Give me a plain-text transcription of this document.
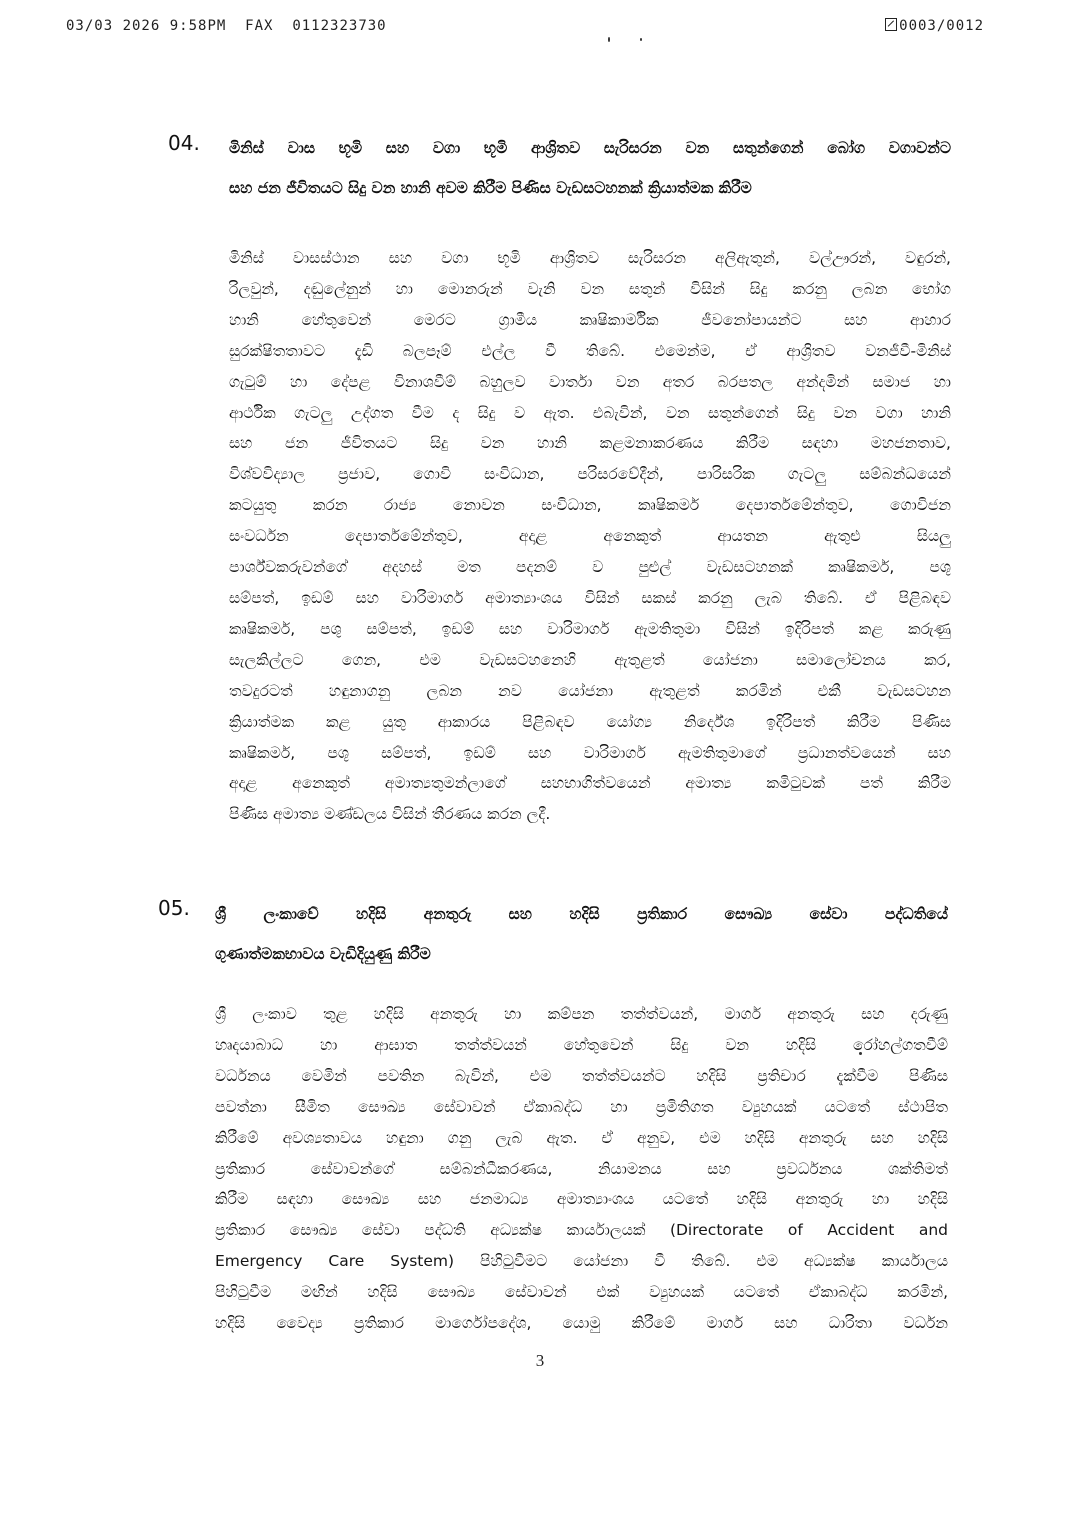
03/03 2026 9:58PM FAX 0112323730	0003/0012
04. මිනිස් වාස භූමි සහ වගා භූමි ආශ්‍රිතව සැරිසරන වන සතුන්ගෙන් බෝග වගාවන්ට
සහ ජන ජීවිතයට සිදු වන හානි අවම කිරීම පිණිස වැඩසටහනක් ක්‍රියාත්මක කිරීම
මිනිස් වාසස්ථාන සහ වගා භූමි ආශ්‍රිතව සැරිසරන අලිඇතුන්, වල්ඌරන්, වඳුරන්,
රිලවුන්, දඬුලේනුන් හා මොනරුන් වැනි වන සතුන් විසින් සිදු කරනු ලබන භෝග
හානි හේතුවෙන් මෙරට ග්‍රාමීය කෘෂිකාර්මික ජීවනෝපායන්ට සහ ආහාර
සුරක්ෂිතතාවට දැඩි බලපෑම් එල්ල වී තිබේ. එමෙන්ම, ඒ ආශ්‍රිතව වනජීවී-මිනිස්
ගැටුම් හා දේපළ විනාශවීම් බහුලව වාර්තා වන අතර බරපතල අන්දමින් සමාජ හා
ආර්ථික ගැටලු උද්ගත වීම ද සිදු ව ඇත. එබැවින්, වන සතුන්ගෙන් සිදු වන වගා හානි
සහ ජන ජීවිතයට සිදු වන හානි කළමනාකරණය කිරීම සඳහා මහජනතාව,
විශ්වවිද්‍යාල ප්‍රජාව, ගොවි සංවිධාන, පරිසරවේදීන්, පාරිසරික ගැටලු සම්බන්ධයෙන්
කටයුතු කරන රාජ්‍ය නොවන සංවිධාන, කෘෂිකර්ම දෙපාර්තමේන්තුව, ගොවිජන
සංවර්ධන දෙපාර්තමේන්තුව, අදාළ අනෙකුත් ආයතන ඇතුළු සියලු
පාර්ශ්වකරුවන්ගේ අදහස් මත පදනම් ව පුළුල් වැඩසටහනක් කෘෂිකර්ම, පශු
සම්පත්, ඉඩම් සහ වාරිමාර්ග අමාත්‍යාංශය විසින් සකස් කරනු ලැබ තිබේ. ඒ පිළිබඳව
කෘෂිකර්ම, පශු සම්පත්, ඉඩම් සහ වාරිමාර්ග ඇමතිතුමා විසින් ඉදිරිපත් කළ කරුණු
සැලකිල්ලට ගෙන, එම වැඩසටහනෙහි ඇතුළත් යෝජනා සමාලෝචනය කර,
තවදුරටත් හඳුනාගනු ලබන නව යෝජනා ඇතුළත් කරමින් එකී වැඩසටහන
ක්‍රියාත්මක කළ යුතු ආකාරය පිළිබඳව යෝග්‍ය නිර්දේශ ඉදිරිපත් කිරීම පිණිස
කෘෂිකර්ම, පශු සම්පත්, ඉඩම් සහ වාරිමාර්ග ඇමතිතුමාගේ ප්‍රධානත්වයෙන් සහ
අදාළ අනෙකුත් අමාත්‍යතුමන්ලාගේ සහභාගිත්වයෙන් අමාත්‍ය කමිටුවක් පත් කිරීම
පිණිස අමාත්‍ය මණ්ඩලය විසින් තීරණය කරන ලදී.
05. ශ්‍රී ලංකාවේ හදිසි අනතුරු සහ හදිසි ප්‍රතිකාර සෞඛ්‍ය සේවා පද්ධතියේ
ගුණාත්මකභාවය වැඩිදියුණු කිරීම
ශ්‍රී ලංකාව තුළ හදිසි අනතුරු හා කම්පන තත්ත්වයන්, මාර්ග අනතුරු සහ දරුණු
හෘදයාබාධ හා ආඝාත තත්ත්වයන් හේතුවෙන් සිදු වන හදිසි රෝහල්ගතවීම්
වර්ධනය වෙමින් පවතින බැවින්, එම තත්ත්වයන්ට හදිසි ප්‍රතිචාර දැක්වීම පිණිස
පවත්නා සීමිත සෞඛ්‍ය සේවාවන් ඒකාබද්ධ හා ප්‍රමිතිගත ව්‍යුහයක් යටතේ ස්ථාපිත
කිරීමේ අවශ්‍යතාවය හඳුනා ගනු ලැබ ඇත. ඒ අනුව, එම හදිසි අනතුරු සහ හදිසි
ප්‍රතිකාර සේවාවන්ගේ සම්බන්ධීකරණය, නියාමනය සහ ප්‍රවර්ධනය ශක්තිමත්
කිරීම සඳහා සෞඛ්‍ය සහ ජනමාධ්‍ය අමාත්‍යාංශය යටතේ හදිසි අනතුරු හා හදිසි
ප්‍රතිකාර සෞඛ්‍ය සේවා පද්ධති අධ්‍යක්ෂ කාර්යාලයක් (Directorate of Accident and
Emergency Care System) පිහිටුවීමට යෝජනා වී තිබේ. එම අධ්‍යක්ෂ කාර්යාලය
පිහිටුවීම මඟින් හදිසි සෞඛ්‍ය සේවාවන් එක් ව්‍යුහයක් යටතේ ඒකාබද්ධ කරමින්,
හදිසි වෛද්‍ය ප්‍රතිකාර මාර්ගෝපදේශ, යොමු කිරීමේ මාර්ග සහ ධාරිතා වර්ධන
3
